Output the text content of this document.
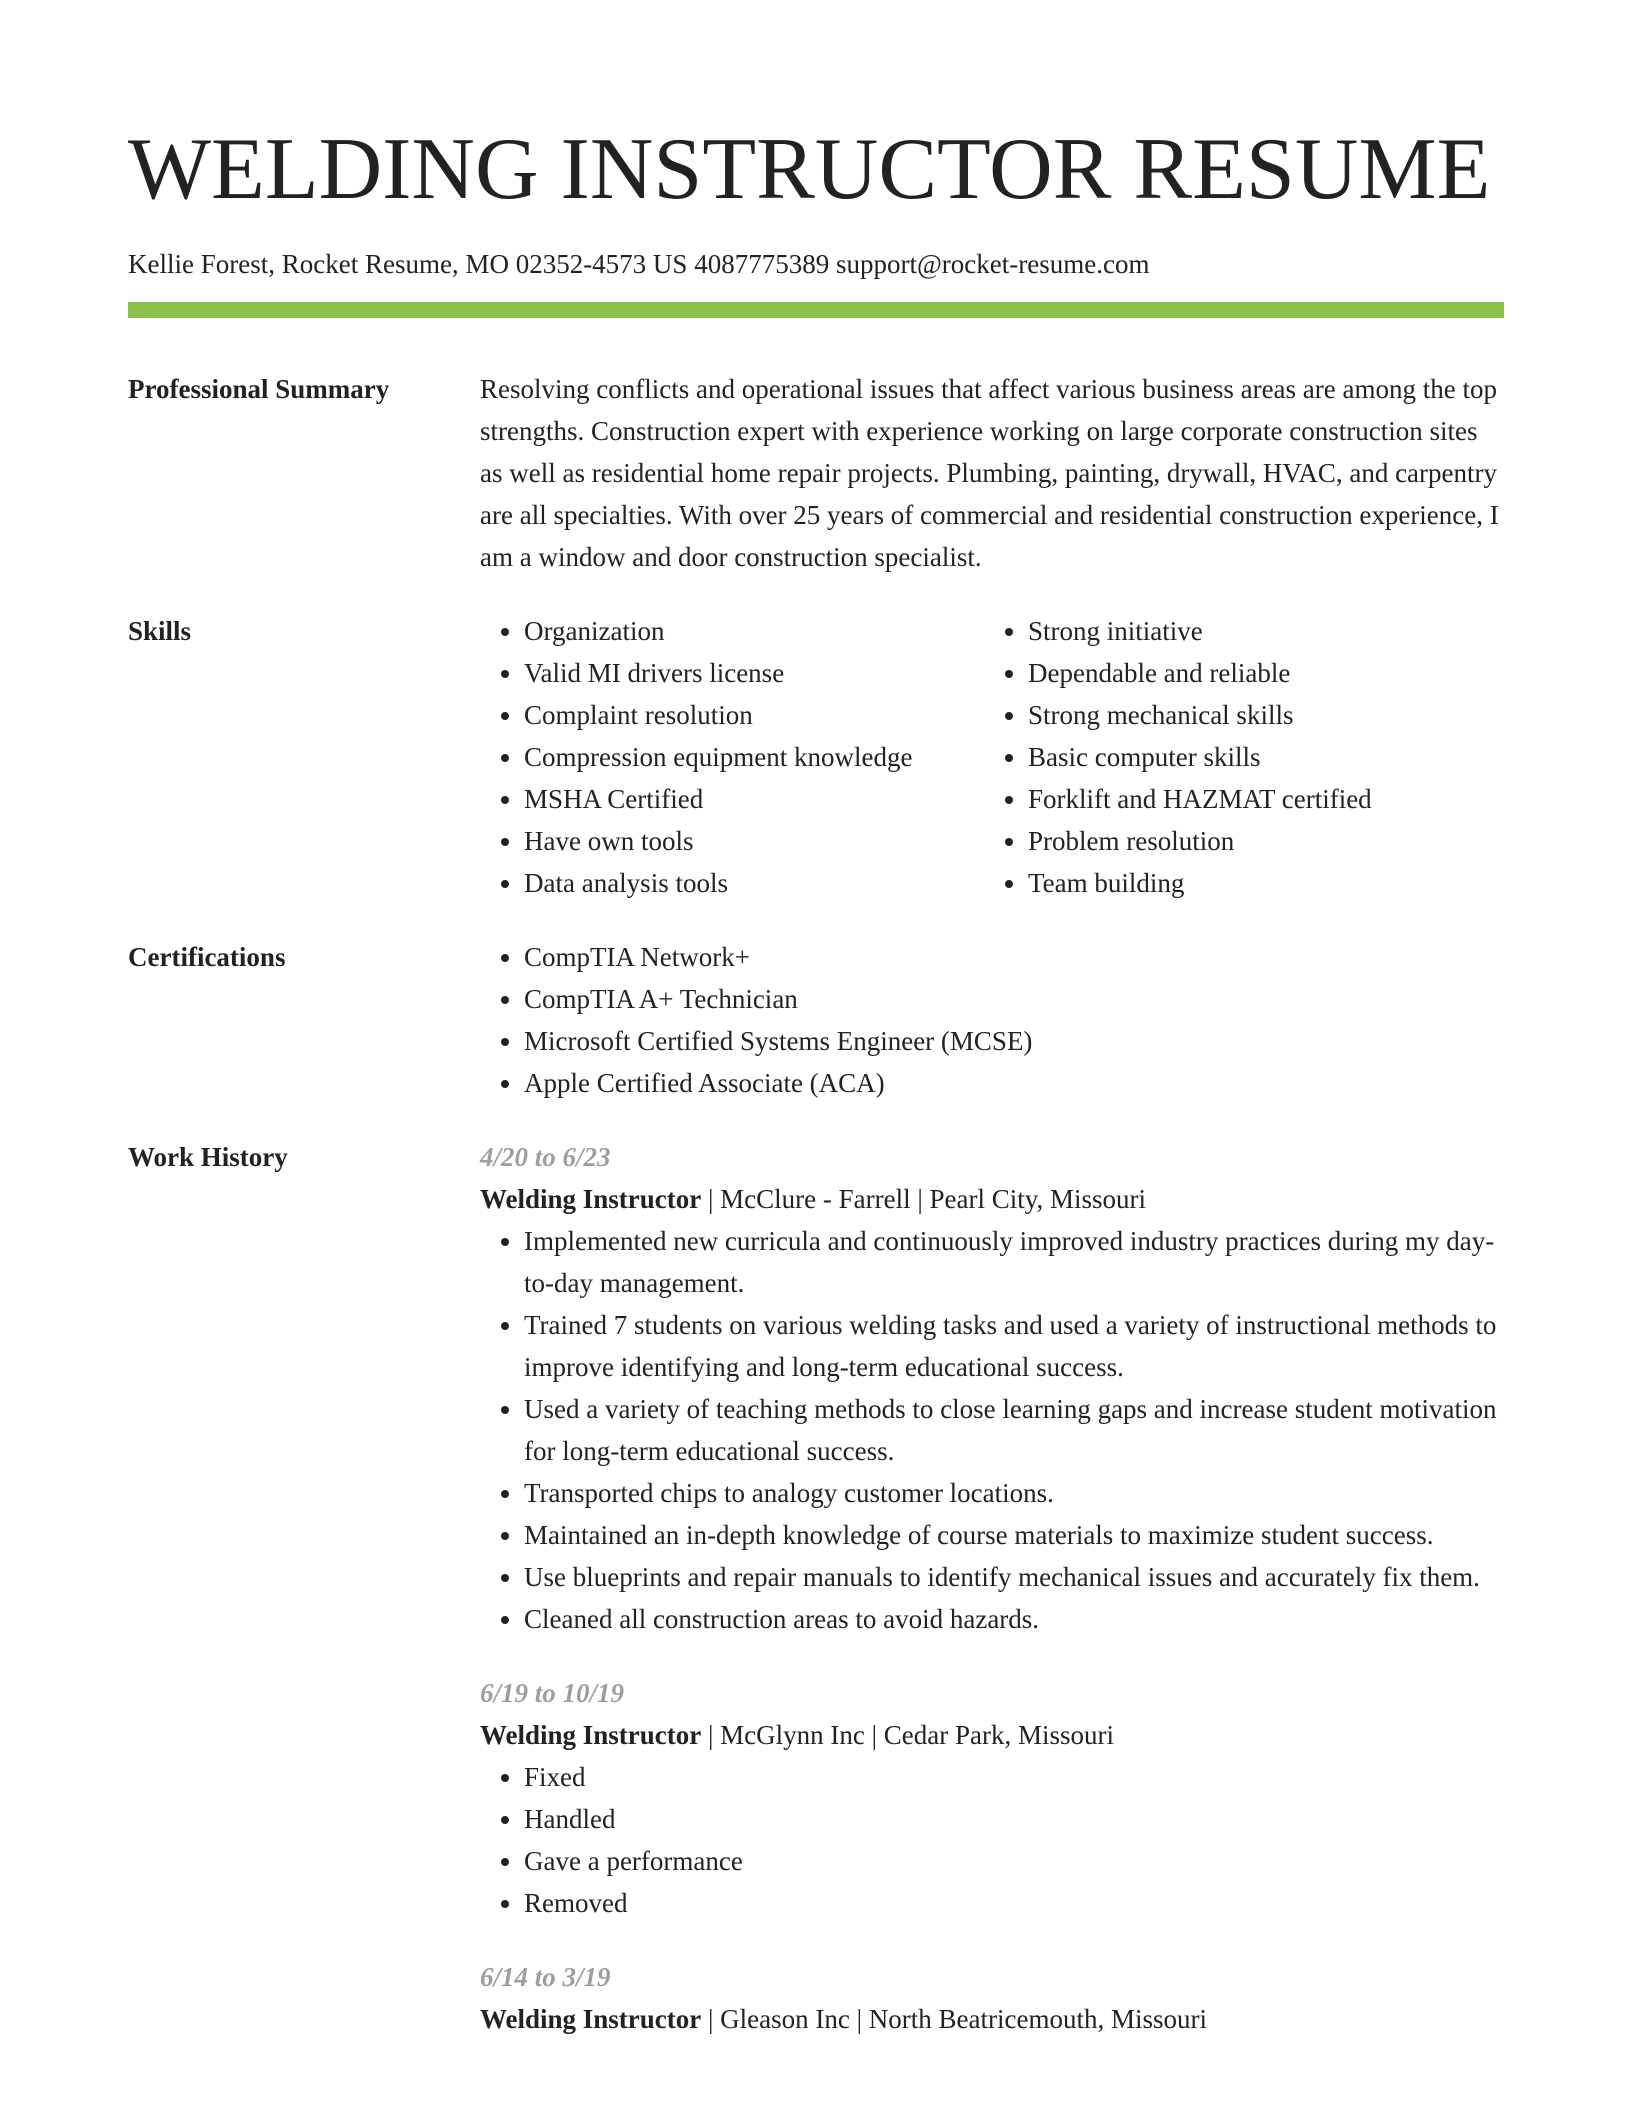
WELDING INSTRUCTOR RESUME
Kellie Forest, Rocket Resume, MO 02352-4573 US 4087775389 support@rocket-resume.com
Professional Summary	Resolving conflicts and operational issues that affect various business areas are among the top strengths. Construction expert with experience working on large corporate construction sites as well as residential home repair projects. Plumbing, painting, drywall, HVAC, and carpentry are all specialties. With over 25 years of commercial and residential construction experience, I am a window and door construction specialist.

Skills	• Organization
• Valid MI drivers license
• Complaint resolution
• Compression equipment knowledge
• MSHA Certified
• Have own tools
• Data analysis tools
• Strong initiative
• Dependable and reliable
• Strong mechanical skills
• Basic computer skills
• Forklift and HAZMAT certified
• Problem resolution
• Team building
Certifications	• CompTIA Network+
• CompTIA A+ Technician
• Microsoft Certified Systems Engineer (MCSE)
• Apple Certified Associate (ACA)
Work History	4/20 to 6/23
Welding Instructor | McClure - Farrell | Pearl City, Missouri
• Implemented new curricula and continuously improved industry practices during my day-to-day management.
• Trained 7 students on various welding tasks and used a variety of instructional methods to improve identifying and long-term educational success.
• Used a variety of teaching methods to close learning gaps and increase student motivation for long-term educational success.
• Transported chips to analogy customer locations.
• Maintained an in-depth knowledge of course materials to maximize student success.
• Use blueprints and repair manuals to identify mechanical issues and accurately fix them.
• Cleaned all construction areas to avoid hazards.
6/19 to 10/19
Welding Instructor | McGlynn Inc | Cedar Park, Missouri
• Fixed
• Handled
• Gave a performance
• Removed
6/14 to 3/19
Welding Instructor | Gleason Inc | North Beatricemouth, Missouri
